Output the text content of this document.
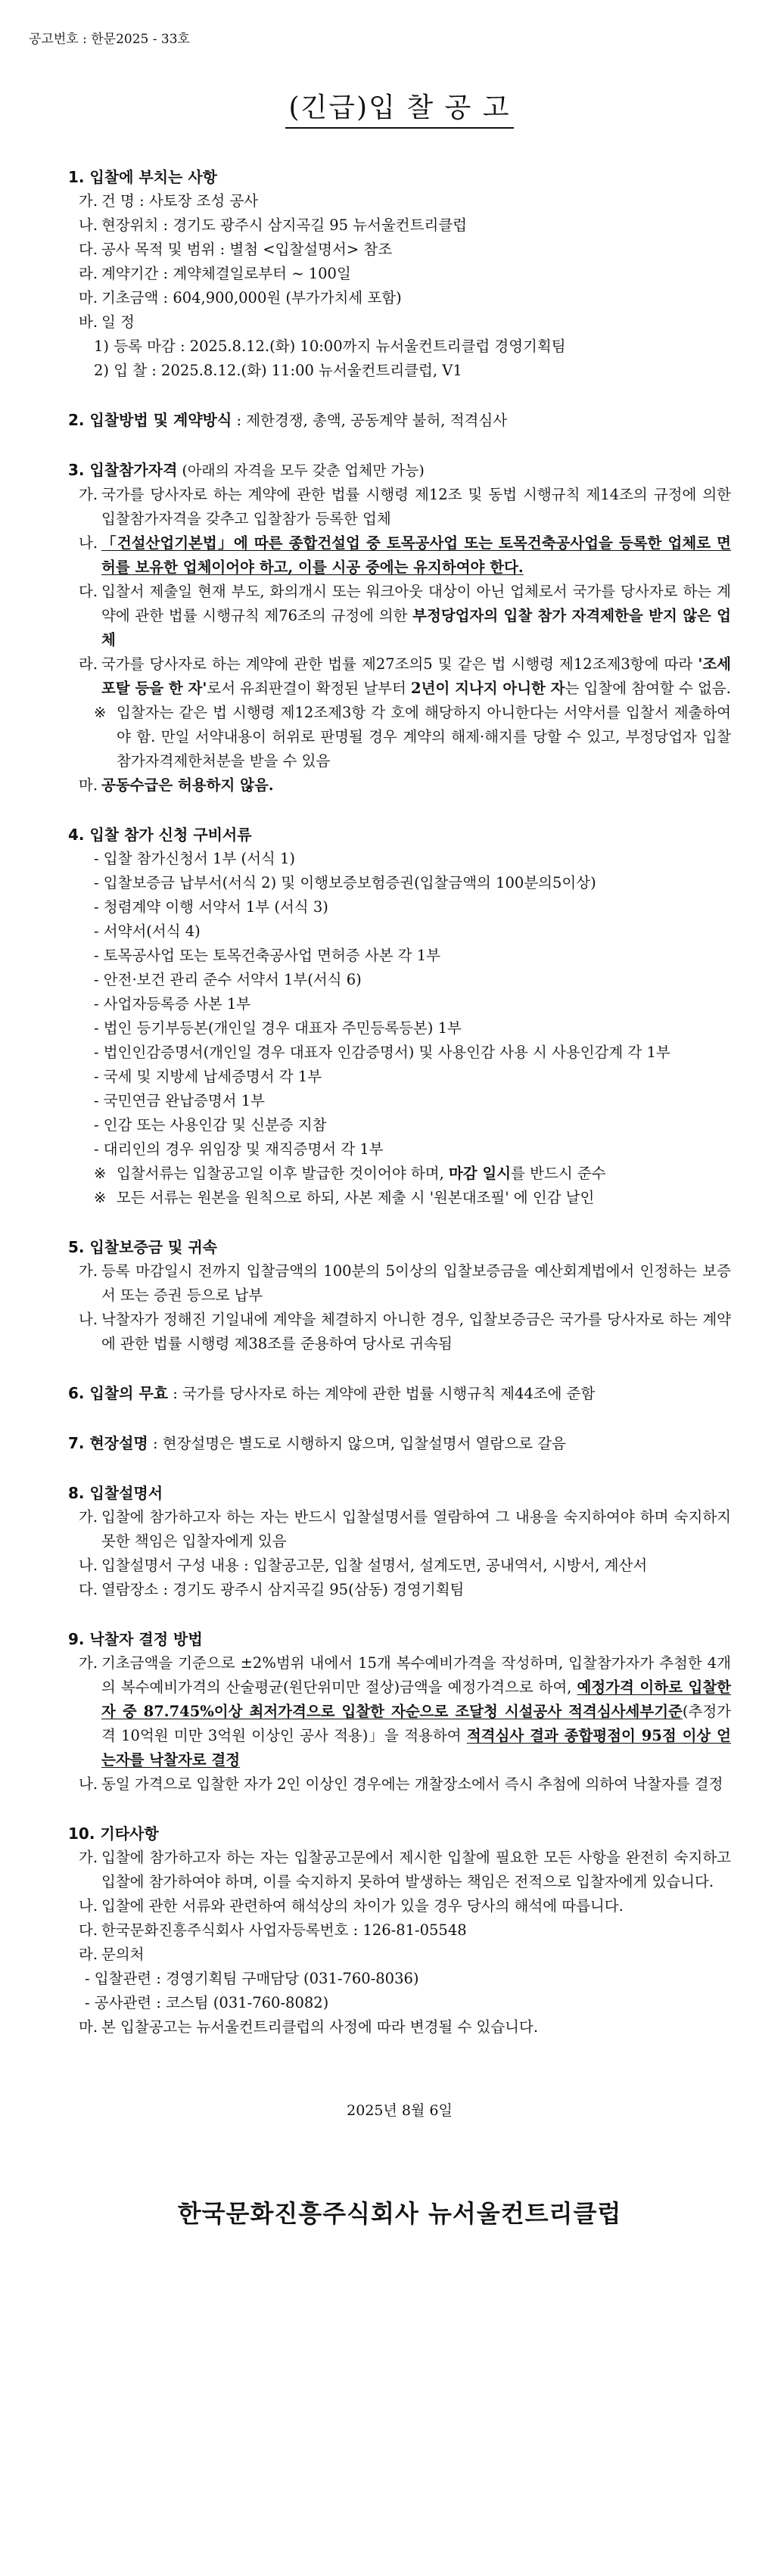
공고번호 : 한문2025 - 33호
(긴급)입 찰 공 고
1. 입찰에 부치는 사항
가. 건 명 : 사토장 조성 공사
나. 현장위치 : 경기도 광주시 삼지곡길 95 뉴서울컨트리클럽
다. 공사 목적 및 범위 : 별첨 <입찰설명서> 참조
라. 계약기간 : 계약체결일로부터 ~ 100일
마. 기초금액 : 604,900,000원 (부가가치세 포함)
바. 일 정
1) 등록 마감 : 2025.8.12.(화) 10:00까지 뉴서울컨트리클럽 경영기획팀
2) 입 찰 : 2025.8.12.(화) 11:00 뉴서울컨트리클럽, V1
2. 입찰방법 및 계약방식 : 제한경쟁, 총액, 공동계약 불허, 적격심사
3. 입찰참가자격 (아래의 자격을 모두 갖춘 업체만 가능)
가. 국가를 당사자로 하는 계약에 관한 법률 시행령 제12조 및 동법 시행규칙 제14조의 규정에 의한 입찰참가자격을 갖추고 입찰참가 등록한 업체
나. 「건설산업기본법」에 따른 종합건설업 중 토목공사업 또는 토목건축공사업을 등록한 업체로 면허를 보유한 업체이어야 하고, 이를 시공 중에는 유지하여야 한다.
다. 입찰서 제출일 현재 부도, 화의개시 또는 워크아웃 대상이 아닌 업체로서 국가를 당사자로 하는 계약에 관한 법률 시행규칙 제76조의 규정에 의한 부정당업자의 입찰 참가 자격제한을 받지 않은 업체
라. 국가를 당사자로 하는 계약에 관한 법률 제27조의5 및 같은 법 시행령 제12조제3항에 따라 '조세포탈 등을 한 자'로서 유죄판결이 확정된 날부터 2년이 지나지 아니한 자는 입찰에 참여할 수 없음.
※ 입찰자는 같은 법 시행령 제12조제3항 각 호에 해당하지 아니한다는 서약서를 입찰서 제출하여야 함. 만일 서약내용이 허위로 판명될 경우 계약의 해제·해지를 당할 수 있고, 부정당업자 입찰참가자격제한처분을 받을 수 있음
마. 공동수급은 허용하지 않음.
4. 입찰 참가 신청 구비서류
- 입찰 참가신청서 1부 (서식 1)
- 입찰보증금 납부서(서식 2) 및 이행보증보험증권(입찰금액의 100분의5이상)
- 청렴계약 이행 서약서 1부 (서식 3)
- 서약서(서식 4)
- 토목공사업 또는 토목건축공사업 면허증 사본 각 1부
- 안전·보건 관리 준수 서약서 1부(서식 6)
- 사업자등록증 사본 1부
- 법인 등기부등본(개인일 경우 대표자 주민등록등본) 1부
- 법인인감증명서(개인일 경우 대표자 인감증명서) 및 사용인감 사용 시 사용인감계 각 1부
- 국세 및 지방세 납세증명서 각 1부
- 국민연금 완납증명서 1부
- 인감 또는 사용인감 및 신분증 지참
- 대리인의 경우 위임장 및 재직증명서 각 1부
※ 입찰서류는 입찰공고일 이후 발급한 것이어야 하며, 마감 일시를 반드시 준수
※ 모든 서류는 원본을 원칙으로 하되, 사본 제출 시 '원본대조필' 에 인감 날인
5. 입찰보증금 및 귀속
가. 등록 마감일시 전까지 입찰금액의 100분의 5이상의 입찰보증금을 예산회계법에서 인정하는 보증서 또는 증권 등으로 납부
나. 낙찰자가 정해진 기일내에 계약을 체결하지 아니한 경우, 입찰보증금은 국가를 당사자로 하는 계약에 관한 법률 시행령 제38조를 준용하여 당사로 귀속됨
6. 입찰의 무효 : 국가를 당사자로 하는 계약에 관한 법률 시행규칙 제44조에 준함
7. 현장설명 : 현장설명은 별도로 시행하지 않으며, 입찰설명서 열람으로 갈음
8. 입찰설명서
가. 입찰에 참가하고자 하는 자는 반드시 입찰설명서를 열람하여 그 내용을 숙지하여야 하며 숙지하지 못한 책임은 입찰자에게 있음
나. 입찰설명서 구성 내용 : 입찰공고문, 입찰 설명서, 설계도면, 공내역서, 시방서, 계산서
다. 열람장소 : 경기도 광주시 삼지곡길 95(삼동) 경영기획팀
9. 낙찰자 결정 방법
가. 기초금액을 기준으로 ±2%범위 내에서 15개 복수예비가격을 작성하며, 입찰참가자가 추첨한 4개의 복수예비가격의 산술평균(원단위미만 절상)금액을 예정가격으로 하여, 예정가격 이하로 입찰한 자 중 87.745%이상 최저가격으로 입찰한 자순으로 조달청 시설공사 적격심사세부기준(추정가격 10억원 미만 3억원 이상인 공사 적용)」을 적용하여 적격심사 결과 종합평점이 95점 이상 얻는자를 낙찰자로 결정
나. 동일 가격으로 입찰한 자가 2인 이상인 경우에는 개찰장소에서 즉시 추첨에 의하여 낙찰자를 결정
10. 기타사항
가. 입찰에 참가하고자 하는 자는 입찰공고문에서 제시한 입찰에 필요한 모든 사항을 완전히 숙지하고 입찰에 참가하여야 하며, 이를 숙지하지 못하여 발생하는 책임은 전적으로 입찰자에게 있습니다.
나. 입찰에 관한 서류와 관련하여 해석상의 차이가 있을 경우 당사의 해석에 따릅니다.
다. 한국문화진흥주식회사 사업자등록번호 : 126-81-05548
라. 문의처
- 입찰관련 : 경영기획팀 구매담당 (031-760-8036)
- 공사관련 : 코스팀 (031-760-8082)
마. 본 입찰공고는 뉴서울컨트리클럽의 사정에 따라 변경될 수 있습니다.
2025년 8월 6일
한국문화진흥주식회사 뉴서울컨트리클럽
